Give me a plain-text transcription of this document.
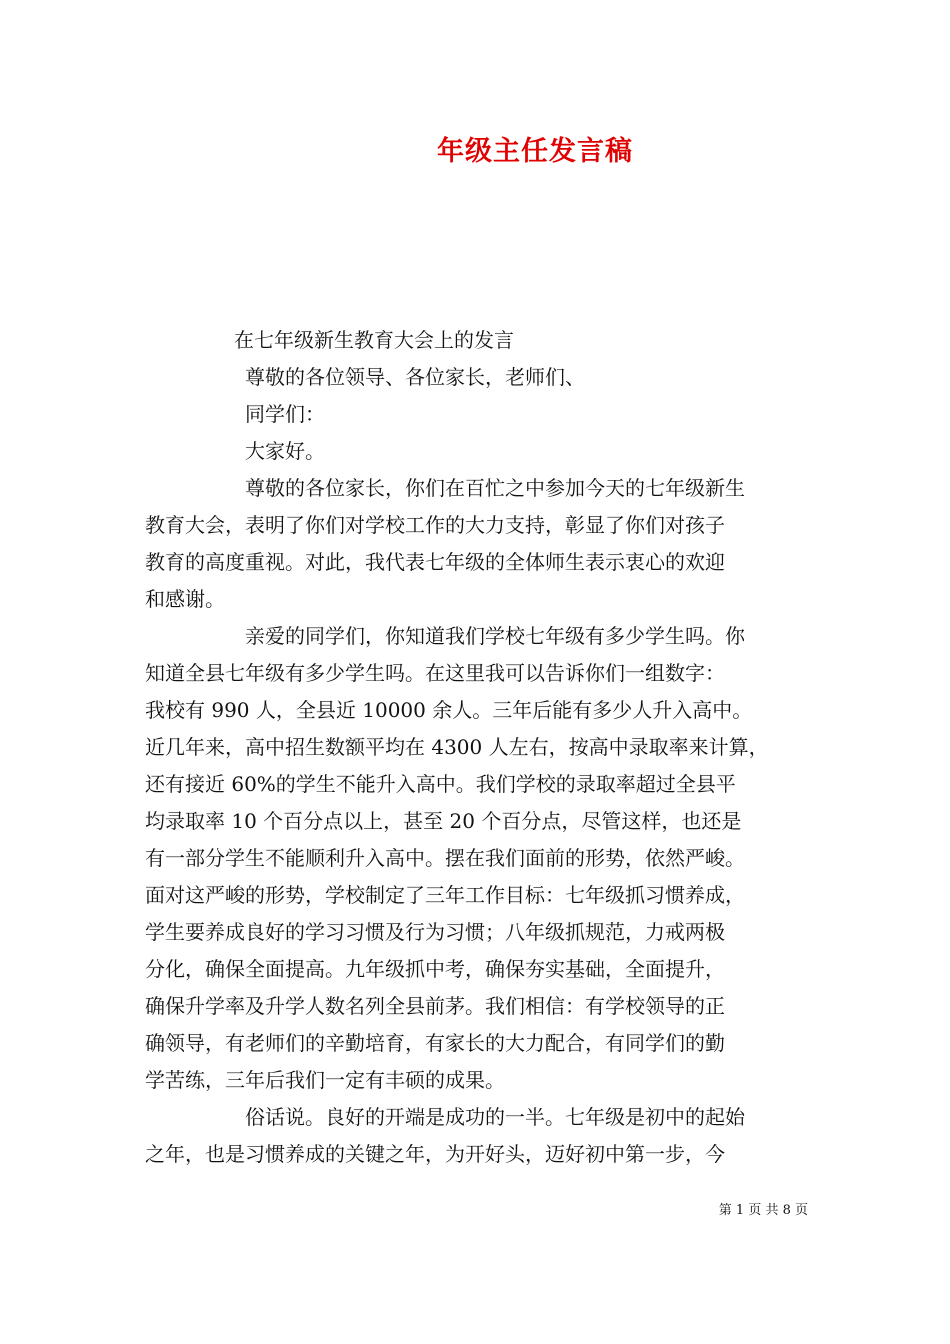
年级主任发言稿
在七年级新生教育大会上的发言
尊敬的各位领导、各位家长，老师们、
同学们：
大家好。
尊敬的各位家长，你们在百忙之中参加今天的七年级新生
教育大会，表明了你们对学校工作的大力支持，彰显了你们对孩子
教育的高度重视。对此，我代表七年级的全体师生表示衷心的欢迎
和感谢。
亲爱的同学们，你知道我们学校七年级有多少学生吗。你
知道全县七年级有多少学生吗。在这里我可以告诉你们一组数字：
我校有 990 人，全县近 10000 余人。三年后能有多少人升入高中。
近几年来，高中招生数额平均在 4300 人左右，按高中录取率来计算，
还有接近 60%的学生不能升入高中。我们学校的录取率超过全县平
均录取率 10 个百分点以上，甚至 20 个百分点，尽管这样，也还是
有一部分学生不能顺利升入高中。摆在我们面前的形势，依然严峻。
面对这严峻的形势，学校制定了三年工作目标：七年级抓习惯养成，
学生要养成良好的学习习惯及行为习惯；八年级抓规范，力戒两极
分化，确保全面提高。九年级抓中考，确保夯实基础，全面提升，
确保升学率及升学人数名列全县前茅。我们相信：有学校领导的正
确领导，有老师们的辛勤培育，有家长的大力配合，有同学们的勤
学苦练，三年后我们一定有丰硕的成果。
俗话说。良好的开端是成功的一半。七年级是初中的起始
之年，也是习惯养成的关键之年，为开好头，迈好初中第一步，今
第 1 页 共 8 页
